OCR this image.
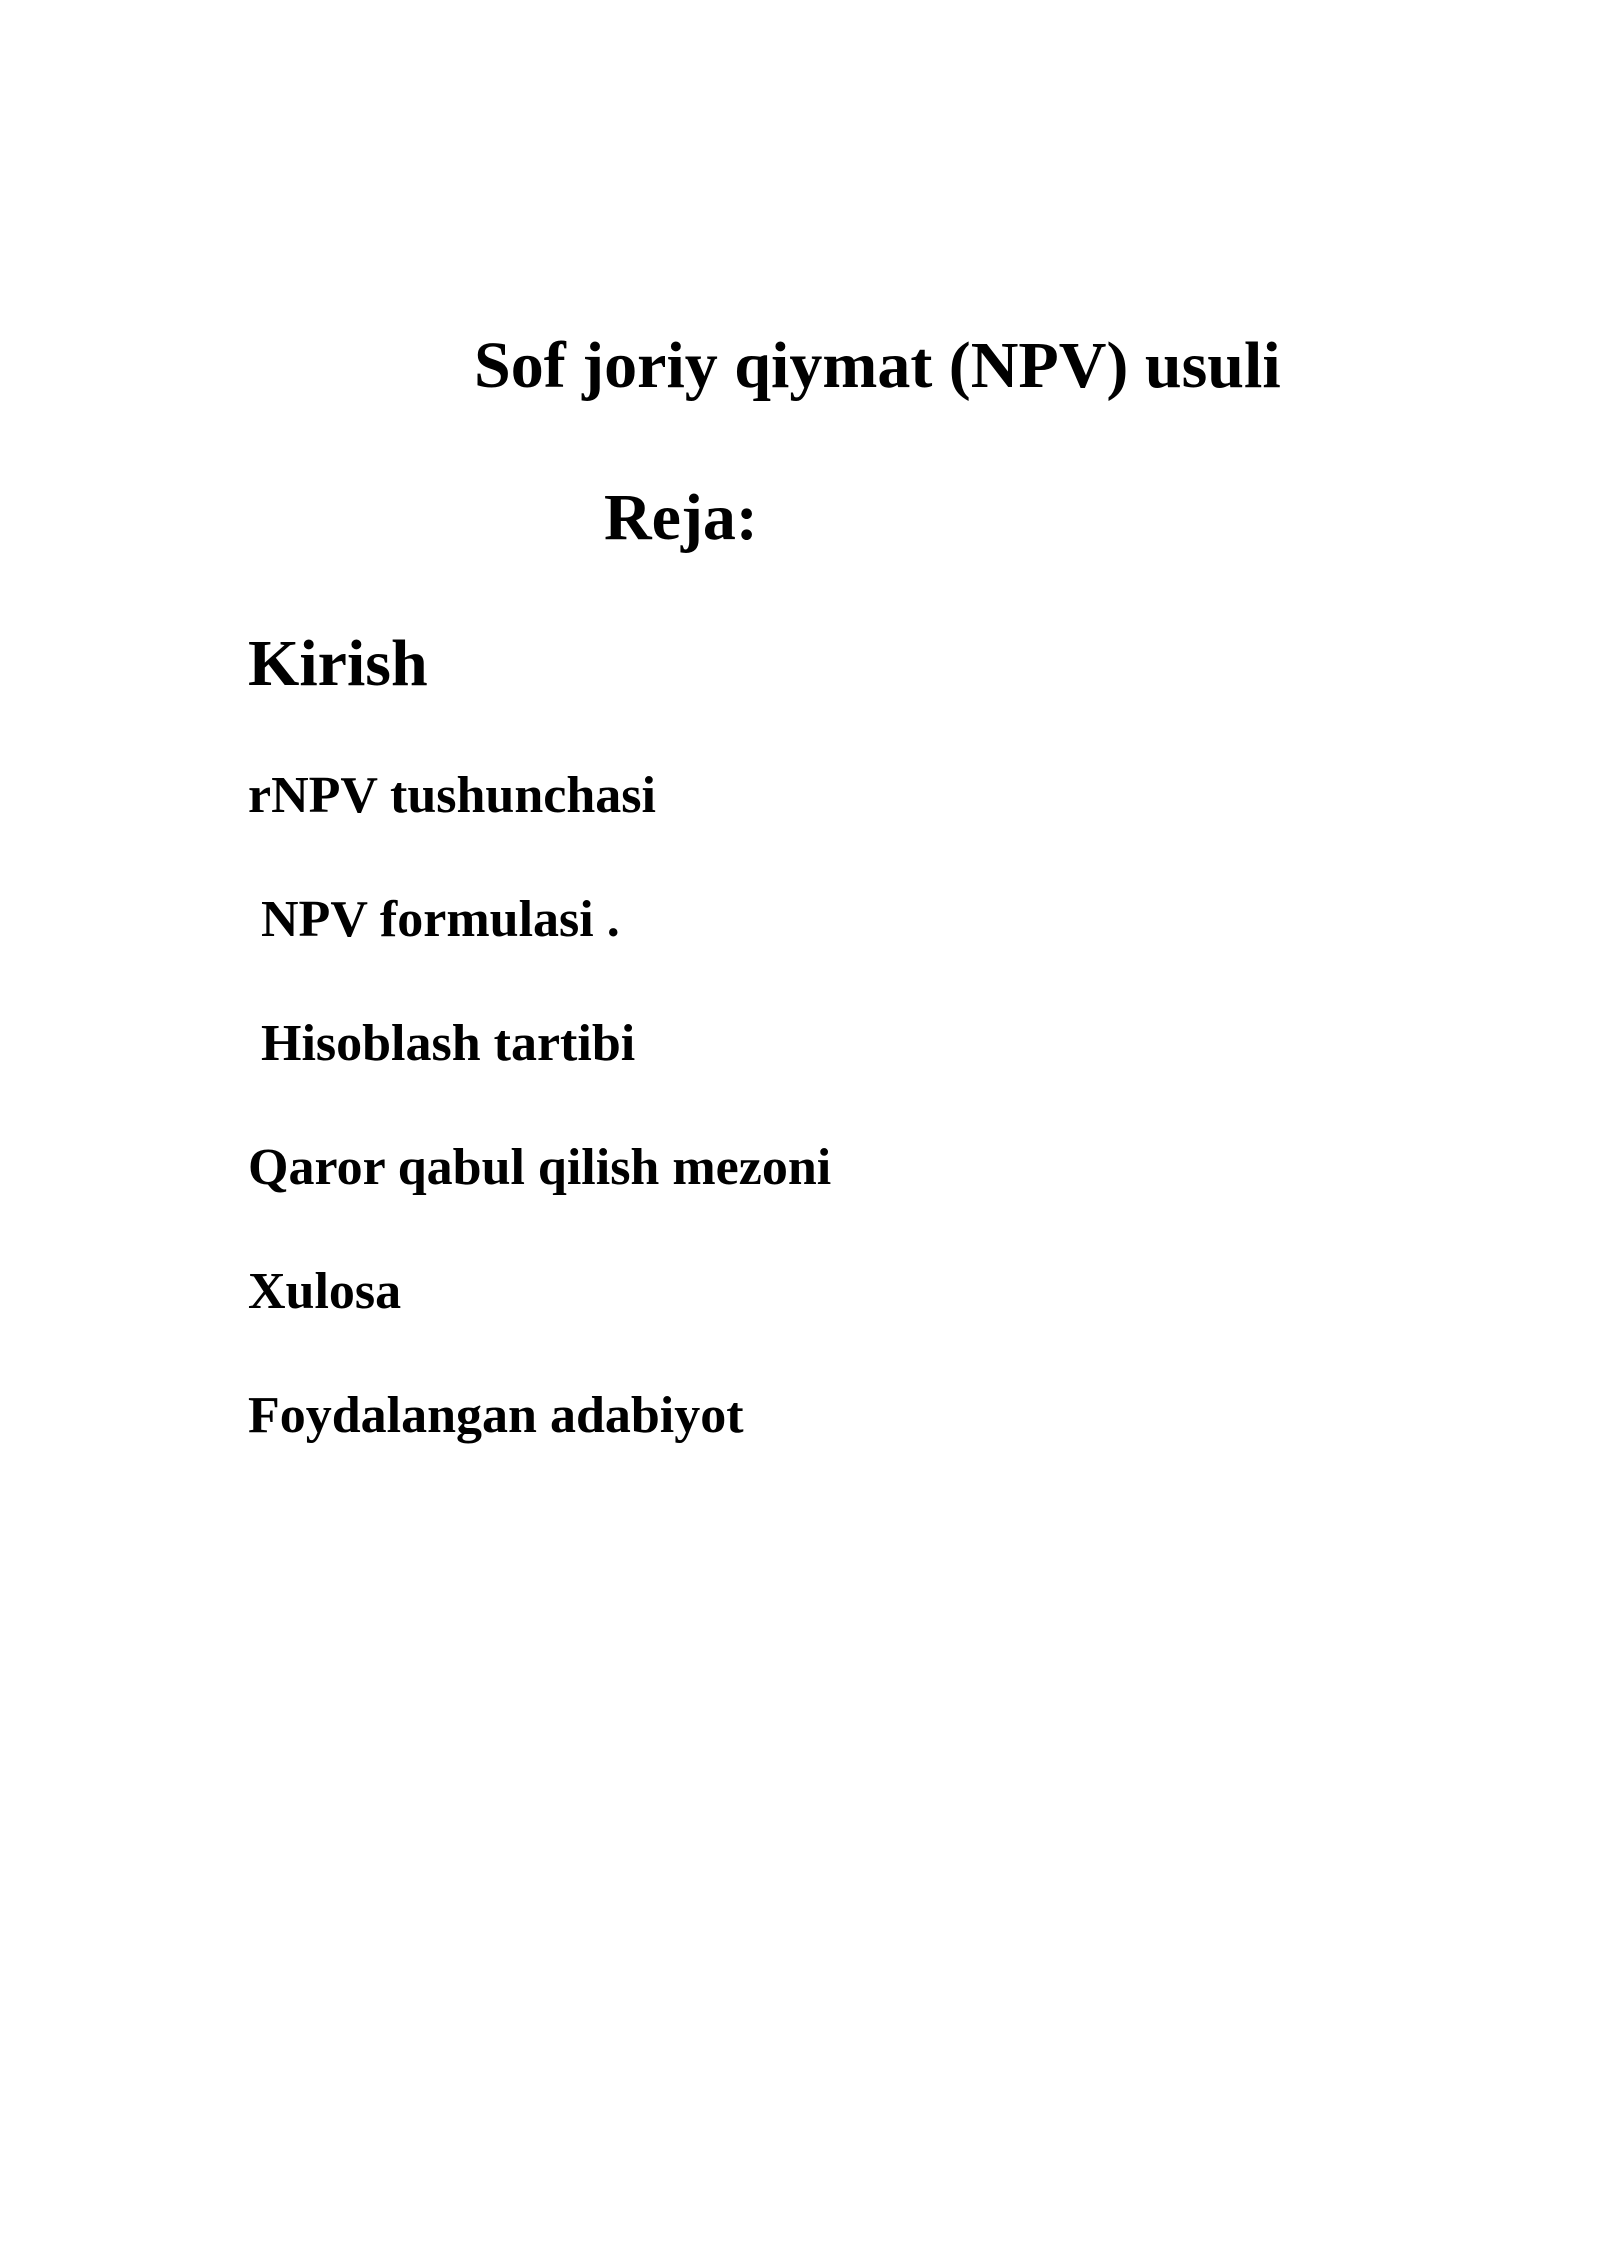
Sof joriy qiymat (NPV) usuli
Reja:
Kirish
rNPV tushunchasi
NPV formulasi .
Hisoblash tartibi
Qaror qabul qilish mezoni
Xulosa
Foydalangan adabiyot
